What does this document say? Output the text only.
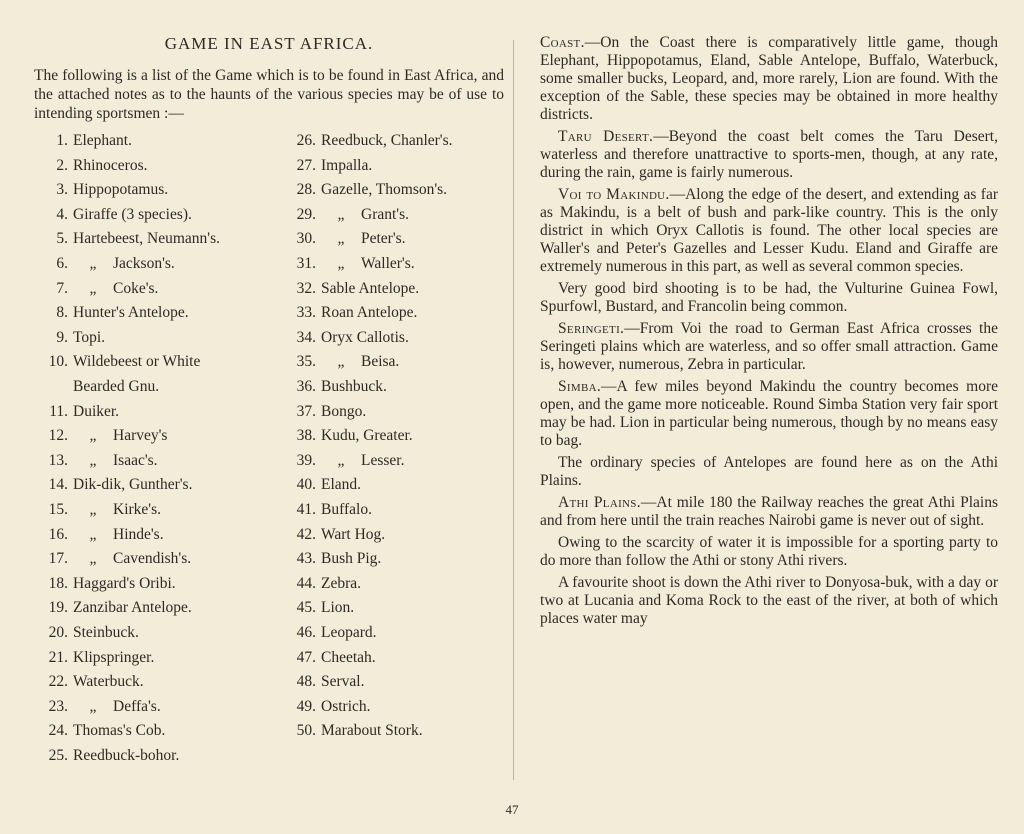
GAME IN EAST AFRICA.
The following is a list of the Game which is to be found in East Africa, and the attached notes as to the haunts of the various species may be of use to intending sportsmen :—
1. Elephant.
2. Rhinoceros.
3. Hippopotamus.
4. Giraffe (3 species).
5. Hartebeest, Neumann's.
6. „ Jackson's.
7. „ Coke's.
8. Hunter's Antelope.
9. Topi.
10. Wildebeest or White
Bearded Gnu.
11. Duiker.
12. „ Harvey's
13. „ Isaac's.
14. Dik-dik, Gunther's.
15. „ Kirke's.
16. „ Hinde's.
17. „ Cavendish's.
18. Haggard's Oribi.
19. Zanzibar Antelope.
20. Steinbuck.
21. Klipspringer.
22. Waterbuck.
23. „ Deffa's.
24. Thomas's Cob.
25. Reedbuck-bohor.
26. Reedbuck, Chanler's.
27. Impalla.
28. Gazelle, Thomson's.
29. „ Grant's.
30. „ Peter's.
31. „ Waller's.
32. Sable Antelope.
33. Roan Antelope.
34. Oryx Callotis.
35. „ Beisa.
36. Bushbuck.
37. Bongo.
38. Kudu, Greater.
39. „ Lesser.
40. Eland.
41. Buffalo.
42. Wart Hog.
43. Bush Pig.
44. Zebra.
45. Lion.
46. Leopard.
47. Cheetah.
48. Serval.
49. Ostrich.
50. Marabout Stork.

Coast.—On the Coast there is comparatively little game, though Elephant, Hippopotamus, Eland, Sable Antelope, Buffalo, Waterbuck, some smaller bucks, Leopard, and, more rarely, Lion are found. With the exception of the Sable, these species may be obtained in more healthy districts.

Taru Desert.—Beyond the coast belt comes the Taru Desert, waterless and therefore unattractive to sports-men, though, at any rate, during the rain, game is fairly numerous.

Voi to Makindu.—Along the edge of the desert, and extending as far as Makindu, is a belt of bush and park-like country. This is the only district in which Oryx Callotis is found. The other local species are Waller's and Peter's Gazelles and Lesser Kudu. Eland and Giraffe are extremely numerous in this part, as well as several common species.

Very good bird shooting is to be had, the Vulturine Guinea Fowl, Spurfowl, Bustard, and Francolin being common.

Seringeti.—From Voi the road to German East Africa crosses the Seringeti plains which are waterless, and so offer small attraction. Game is, however, numerous, Zebra in particular.

Simba.—A few miles beyond Makindu the country becomes more open, and the game more noticeable. Round Simba Station very fair sport may be had. Lion in particular being numerous, though by no means easy to bag.

The ordinary species of Antelopes are found here as on the Athi Plains.

Athi Plains.—At mile 180 the Railway reaches the great Athi Plains and from here until the train reaches Nairobi game is never out of sight.

Owing to the scarcity of water it is impossible for a sporting party to do more than follow the Athi or stony Athi rivers.

A favourite shoot is down the Athi river to Donyosa-buk, with a day or two at Lucania and Koma Rock to the east of the river, at both of which places water may

47
